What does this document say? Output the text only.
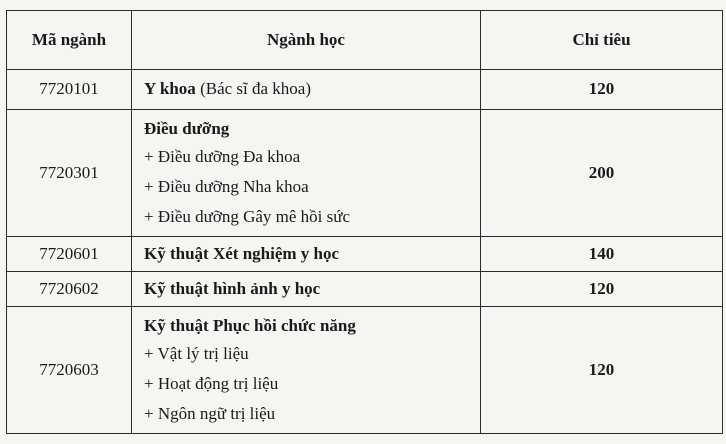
Mã ngành	Ngành học	Chỉ tiêu
7720101	Y khoa (Bác sĩ đa khoa)	120
7720301	Điều dưỡng
+ Điều dưỡng Đa khoa
+ Điều dưỡng Nha khoa
+ Điều dưỡng Gây mê hồi sức	200
7720601	Kỹ thuật Xét nghiệm y học	140
7720602	Kỹ thuật hình ảnh y học	120
7720603	Kỹ thuật Phục hồi chức năng
+ Vật lý trị liệu
+ Hoạt động trị liệu
+ Ngôn ngữ trị liệu	120
